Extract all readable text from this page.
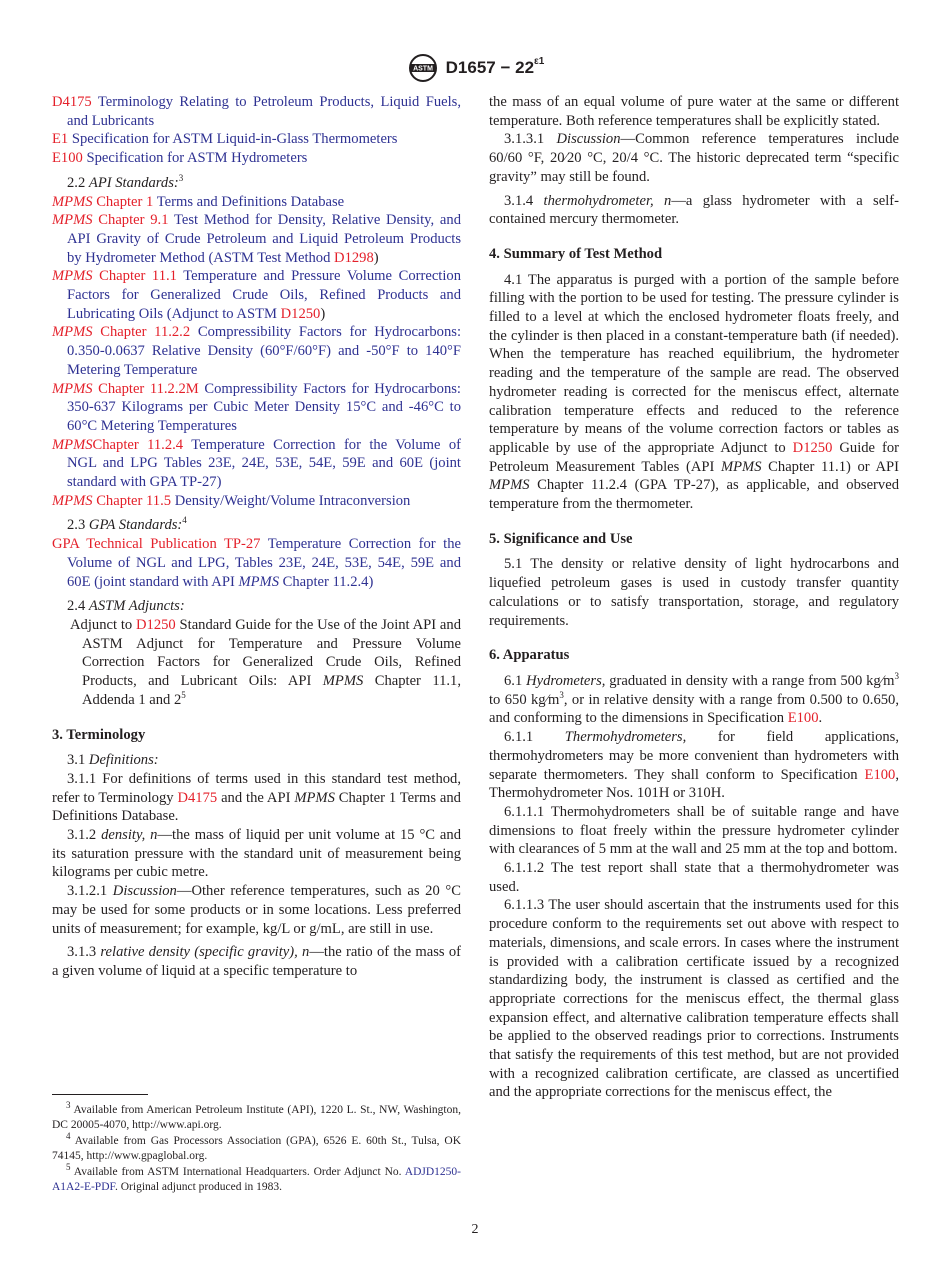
ASTM $D1657 - 22^{\varepsilon 1}$

D4175 Terminology Relating to Petroleum Products, Liquid Fuels, and Lubricants

E1 Specification for ASTM Liquid-in-Glass Thermometers

E100 Specification for ASTM Hydrometers

2.2 API Standards:$^3$

MPMS Chapter 1 Terms and Definitions Database

MPMS Chapter 9.1 Test Method for Density, Relative Density, and API Gravity of Crude Petroleum and Liquid Petroleum Products by Hydrometer Method (ASTM Test Method D1298)

MPMS Chapter 11.1 Temperature and Pressure Volume Correction Factors for Generalized Crude Oils, Refined Products and Lubricating Oils (Adjunct to ASTM D1250)

MPMS Chapter 11.2.2 Compressibility Factors for Hydrocarbons: 0.350-0.0637 Relative Density (60°F/60°F) and -50°F to 140°F Metering Temperature

MPMS Chapter 11.2.2M Compressibility Factors for Hydrocarbons: 350-637 Kilograms per Cubic Meter Density 15°C and -46°C to 60°C Metering Temperatures

MPMSChapter 11.2.4 Temperature Correction for the Volume of NGL and LPG Tables 23E, 24E, 53E, 54E, 59E and 60E (joint standard with GPA TP-27)

MPMS Chapter 11.5 Density/Weight/Volume Intraconversion

2.3 GPA Standards:$^4$

GPA Technical Publication TP-27 Temperature Correction for the Volume of NGL and LPG, Tables 23E, 24E, 53E, 54E, 59E and 60E (joint standard with API MPMS Chapter 11.2.4)

2.4 ASTM Adjuncts:

Adjunct to D1250 Standard Guide for the Use of the Joint API and ASTM Adjunct for Temperature and Pressure Volume Correction Factors for Generalized Crude Oils, Refined Products, and Lubricant Oils: API MPMS Chapter 11.1, Addenda 1 and $2^5$

3. Terminology

3.1 Definitions:

3.1.1 For definitions of terms used in this standard test method, refer to Terminology D4175 and the API MPMS Chapter 1 Terms and Definitions Database.

3.1.2 density, n—the mass of liquid per unit volume at 15 °C and its saturation pressure with the standard unit of measurement being kilograms per cubic metre.

3.1.2.1 Discussion—Other reference temperatures, such as 20 °C may be used for some products or in some locations. Less preferred units of measurement; for example, kg/L or g/mL, are still in use.

3.1.3 relative density (specific gravity), n—the ratio of the mass of a given volume of liquid at a specific temperature to

$^3$ Available from American Petroleum Institute (API), 1220 L. St., NW, Washington, DC 20005-4070, http://www.api.org.

$^4$ Available from Gas Processors Association (GPA), 6526 E. 60th St., Tulsa, OK 74145, http://www.gpaglobal.org.

$^5$ Available from ASTM International Headquarters. Order Adjunct No. ADJD1250-A1A2-E-PDF. Original adjunct produced in 1983.

the mass of an equal volume of pure water at the same or different temperature. Both reference temperatures shall be explicitly stated.

3.1.3.1 Discussion—Common reference temperatures include 60/60 °F, 20⁄20 °C, 20/4 °C. The historic deprecated term “specific gravity” may still be found.

3.1.4 thermohydrometer, n—a glass hydrometer with a self-contained mercury thermometer.

4. Summary of Test Method

4.1 The apparatus is purged with a portion of the sample before filling with the portion to be used for testing. The pressure cylinder is filled to a level at which the enclosed hydrometer floats freely, and the cylinder is then placed in a constant-temperature bath (if needed). When the temperature has reached equilibrium, the hydrometer reading and the temperature of the sample are read. The observed hydrometer reading is corrected for the meniscus effect, alternate calibration temperature effects and reduced to the reference temperature by means of the volume correction factors or tables as applicable by use of the appropriate Adjunct to D1250 Guide for Petroleum Measurement Tables (API MPMS Chapter 11.1) or API MPMS Chapter 11.2.4 (GPA TP-27), as applicable, and observed temperature from the thermometer.

5. Significance and Use

5.1 The density or relative density of light hydrocarbons and liquefied petroleum gases is used in custody transfer quantity calculations or to satisfy transportation, storage, and regulatory requirements.

6. Apparatus

6.1 Hydrometers, graduated in density with a range from 500 $kg⁄m^3$ to 650 $kg⁄m^3$, or in relative density with a range from 0.500 to 0.650, and conforming to the dimensions in Specification E100.

6.1.1 Thermohydrometers, for field applications, thermohydrometers may be more convenient than hydrometers with separate thermometers. They shall conform to Specification E100, Thermohydrometer Nos. 101H or 310H.

6.1.1.1 Thermohydrometers shall be of suitable range and have dimensions to float freely within the pressure hydrometer cylinder with clearances of 5 mm at the wall and 25 mm at the top and bottom.

6.1.1.2 The test report shall state that a thermohydrometer was used.

6.1.1.3 The user should ascertain that the instruments used for this procedure conform to the requirements set out above with respect to materials, dimensions, and scale errors. In cases where the instrument is provided with a calibration certificate issued by a recognized standardizing body, the instrument is classed as certified and the appropriate corrections for the meniscus effect, the thermal glass expansion effect, and alternative calibration temperature effects shall be applied to the observed readings prior to corrections. Instruments that satisfy the requirements of this test method, but are not provided with a recognized calibration certificate, are classed as uncertified and the appropriate corrections for the meniscus effect, the

2
